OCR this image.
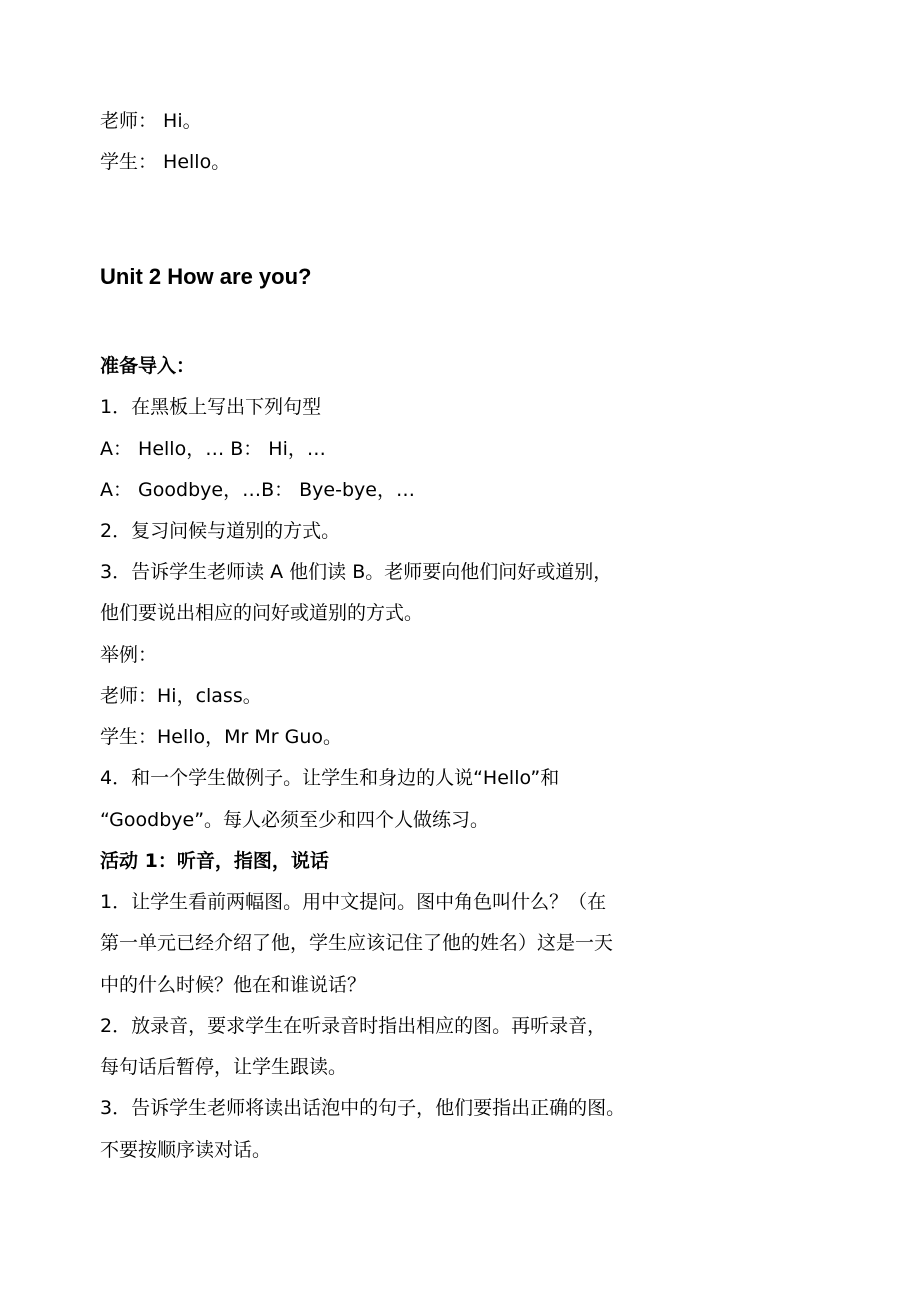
老师： Hi。
学生： Hello。
Unit 2 How are you?
准备导入：
1．在黑板上写出下列句型
A： Hello，… B： Hi，…
A： Goodbye，…B： Bye-bye，…
2．复习问候与道别的方式。
3．告诉学生老师读 A 他们读 B。老师要向他们问好或道别，
他们要说出相应的问好或道别的方式。
举例：
老师：Hi，class。
学生：Hello，Mr Mr Guo。
4．和一个学生做例子。让学生和身边的人说“Hello”和
“Goodbye”。每人必须至少和四个人做练习。
活动 1：听音，指图，说话
1．让学生看前两幅图。用中文提问。图中角色叫什么？（在
第一单元已经介绍了他，学生应该记住了他的姓名）这是一天
中的什么时候？他在和谁说话？
2．放录音，要求学生在听录音时指出相应的图。再听录音，
每句话后暂停，让学生跟读。
3．告诉学生老师将读出话泡中的句子，他们要指出正确的图。
不要按顺序读对话。
